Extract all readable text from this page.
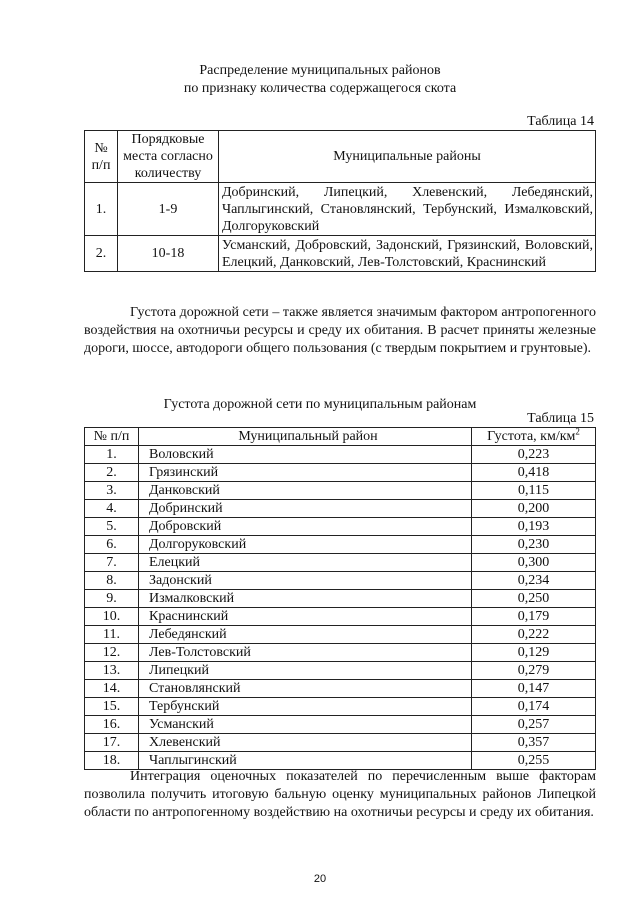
Распределение муниципальных районов
по признаку количества содержащегося скота
Таблица 14
№ п/п	Порядковые места согласно количеству	Муниципальные районы
1.	1-9	Добринский, Липецкий, Хлевенский, Лебедянский, Чаплыгинский, Становлянский, Тербунский, Измалковский, Долгоруковский
2.	10-18	Усманский, Добровский, Задонский, Грязинский, Воловский, Елецкий, Данковский, Лев-Толстовский, Краснинский
Густота дорожной сети – также является значимым фактором антропогенного воздействия на охотничьи ресурсы и среду их обитания. В расчет приняты железные дороги, шоссе, автодороги общего пользования (с твердым покрытием и грунтовые).
Густота дорожной сети по муниципальным районам
Таблица 15
№ п/п	Муниципальный район	Густота, $км/км^2$
1.	Воловский	0,223
2.	Грязинский	0,418
3.	Данковский	0,115
4.	Добринский	0,200
5.	Добровский	0,193
6.	Долгоруковский	0,230
7.	Елецкий	0,300
8.	Задонский	0,234
9.	Измалковский	0,250
10.	Краснинский	0,179
11.	Лебедянский	0,222
12.	Лев-Толстовский	0,129
13.	Липецкий	0,279
14.	Становлянский	0,147
15.	Тербунский	0,174
16.	Усманский	0,257
17.	Хлевенский	0,357
18.	Чаплыгинский	0,255
Интеграция оценочных показателей по перечисленным выше факторам позволила получить итоговую бальную оценку муниципальных районов Липецкой области по антропогенному воздействию на охотничьи ресурсы и среду их обитания.
20
